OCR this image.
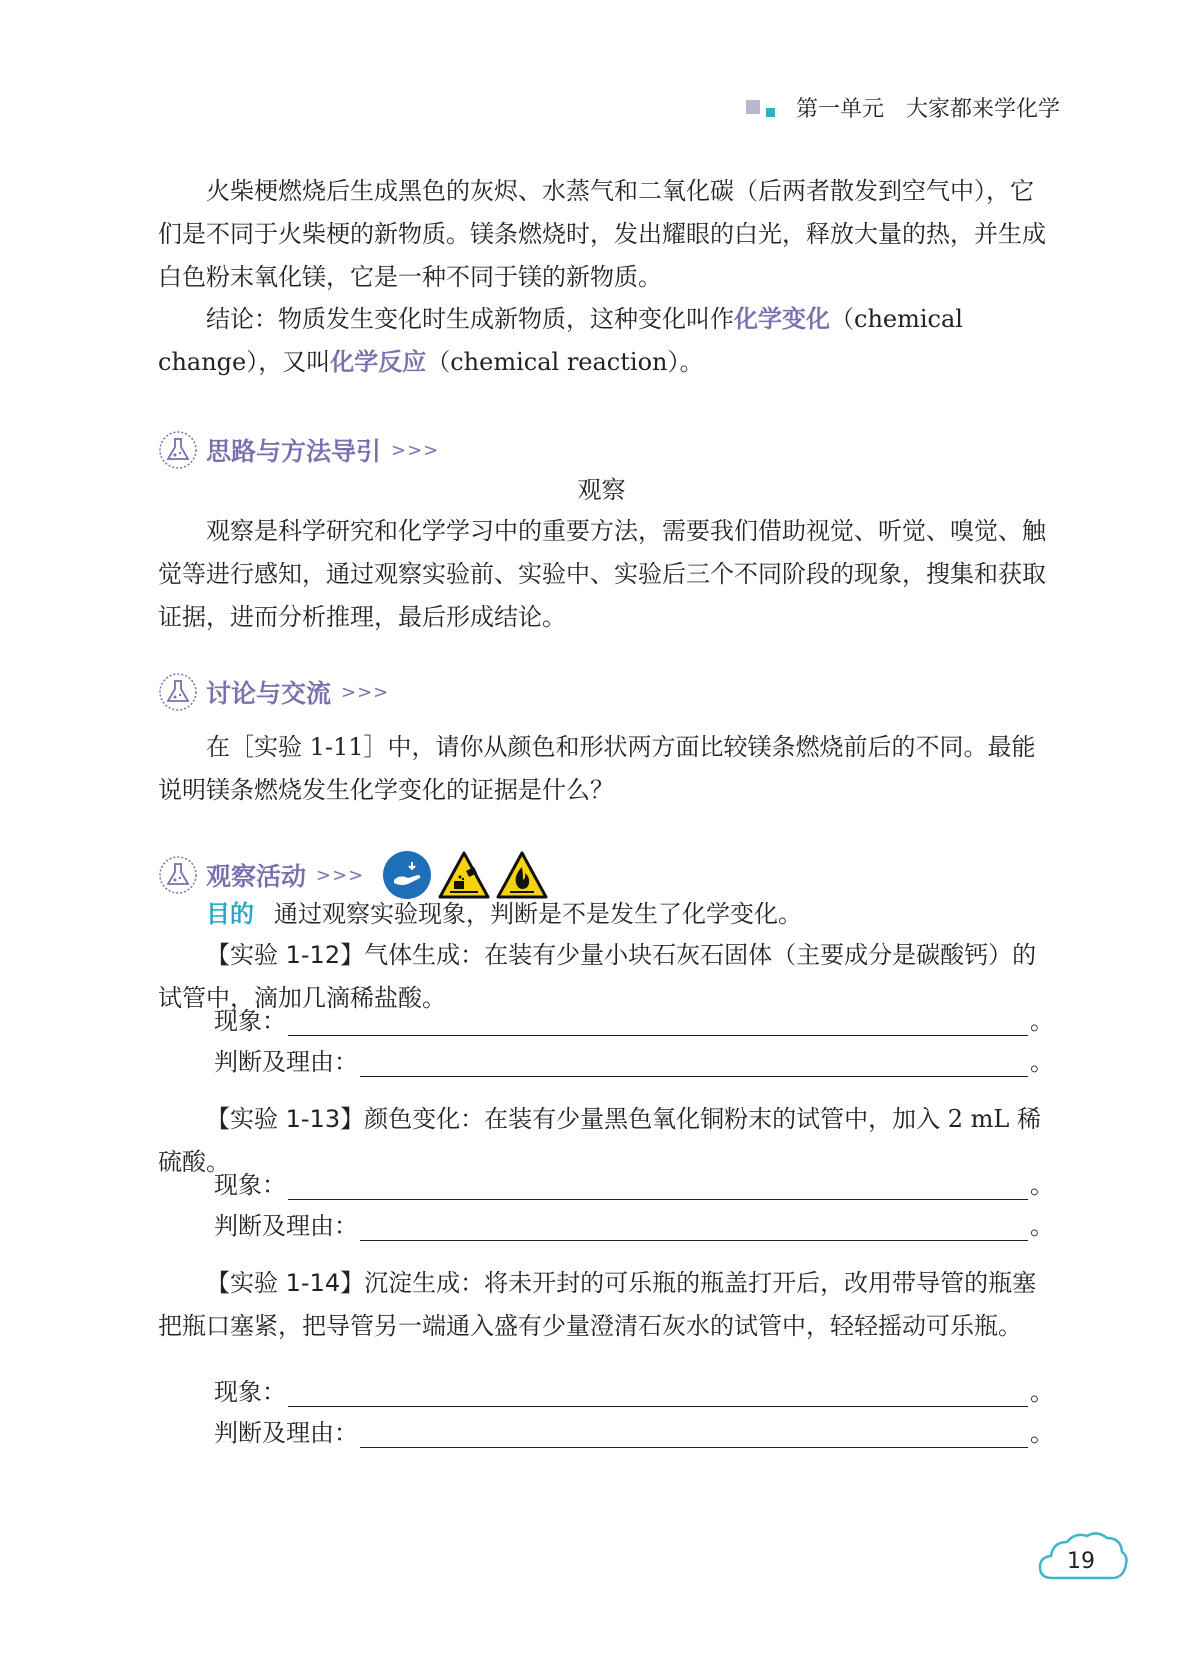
第一单元　大家都来学化学
火柴梗燃烧后生成黑色的灰烬、水蒸气和二氧化碳（后两者散发到空气中），它们是不同于火柴梗的新物质。镁条燃烧时，发出耀眼的白光，释放大量的热，并生成白色粉末氧化镁，它是一种不同于镁的新物质。
结论：物质发生变化时生成新物质，这种变化叫作化学变化（chemical change），又叫化学反应（chemical reaction）。
思路与方法导引 >>>
观察
观察是科学研究和化学学习中的重要方法，需要我们借助视觉、听觉、嗅觉、触觉等进行感知，通过观察实验前、实验中、实验后三个不同阶段的现象，搜集和获取证据，进而分析推理，最后形成结论。
讨论与交流 >>>
在［实验 1-11］中，请你从颜色和形状两方面比较镁条燃烧前后的不同。最能说明镁条燃烧发生化学变化的证据是什么？
观察活动 >>>
目的 通过观察实验现象，判断是不是发生了化学变化。
【实验 1-12】气体生成：在装有少量小块石灰石固体（主要成分是碳酸钙）的试管中，滴加几滴稀盐酸。
现象：	。
判断及理由：	。
【实验 1-13】颜色变化：在装有少量黑色氧化铜粉末的试管中，加入 2 mL 稀硫酸。
现象：	。
判断及理由：	。
【实验 1-14】沉淀生成：将未开封的可乐瓶的瓶盖打开后，改用带导管的瓶塞把瓶口塞紧，把导管另一端通入盛有少量澄清石灰水的试管中，轻轻摇动可乐瓶。
现象：	。
判断及理由：	。
19
